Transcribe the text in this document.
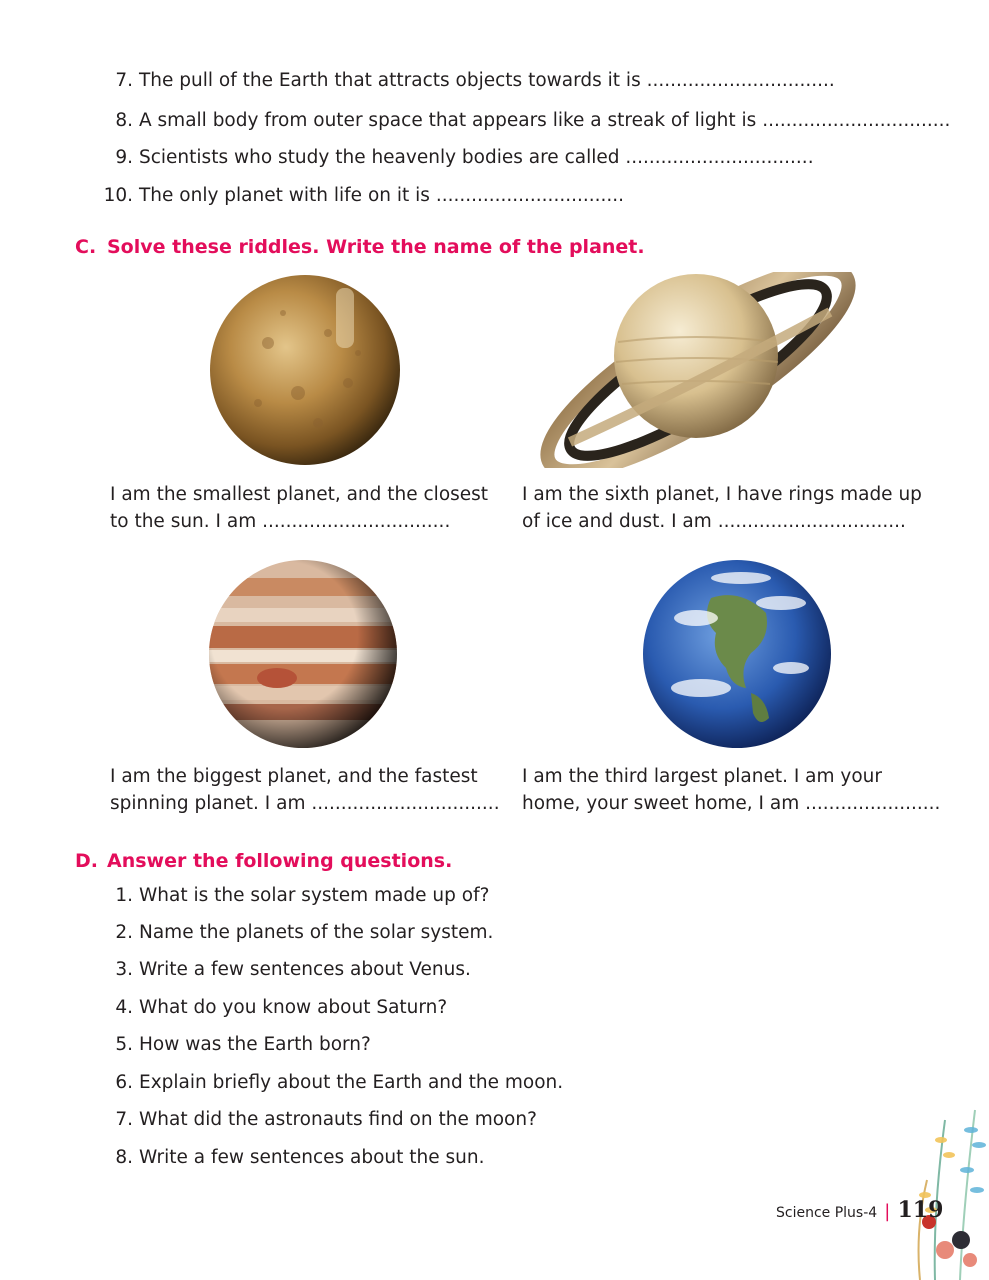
7. The pull of the Earth that attracts objects towards it is ................................
8. A small body from outer space that appears like a streak of light is ................................
9. Scientists who study the heavenly bodies are called ................................
10. The only planet with life on it is ................................
C. Solve these riddles. Write the name of the planet.
I am the smallest planet, and the closest
to the sun. I am ................................
I am the sixth planet, I have rings made up
of ice and dust. I am ................................
I am the biggest planet, and the fastest
spinning planet. I am ................................
I am the third largest planet. I am your
home, your sweet home, I am .......................
D. Answer the following questions.
1. What is the solar system made up of?
2. Name the planets of the solar system.
3. Write a few sentences about Venus.
4. What do you know about Saturn?
5. How was the Earth born?
6. Explain briefly about the Earth and the moon.
7. What did the astronauts find on the moon?
8. Write a few sentences about the sun.
Science Plus-4 | 119
